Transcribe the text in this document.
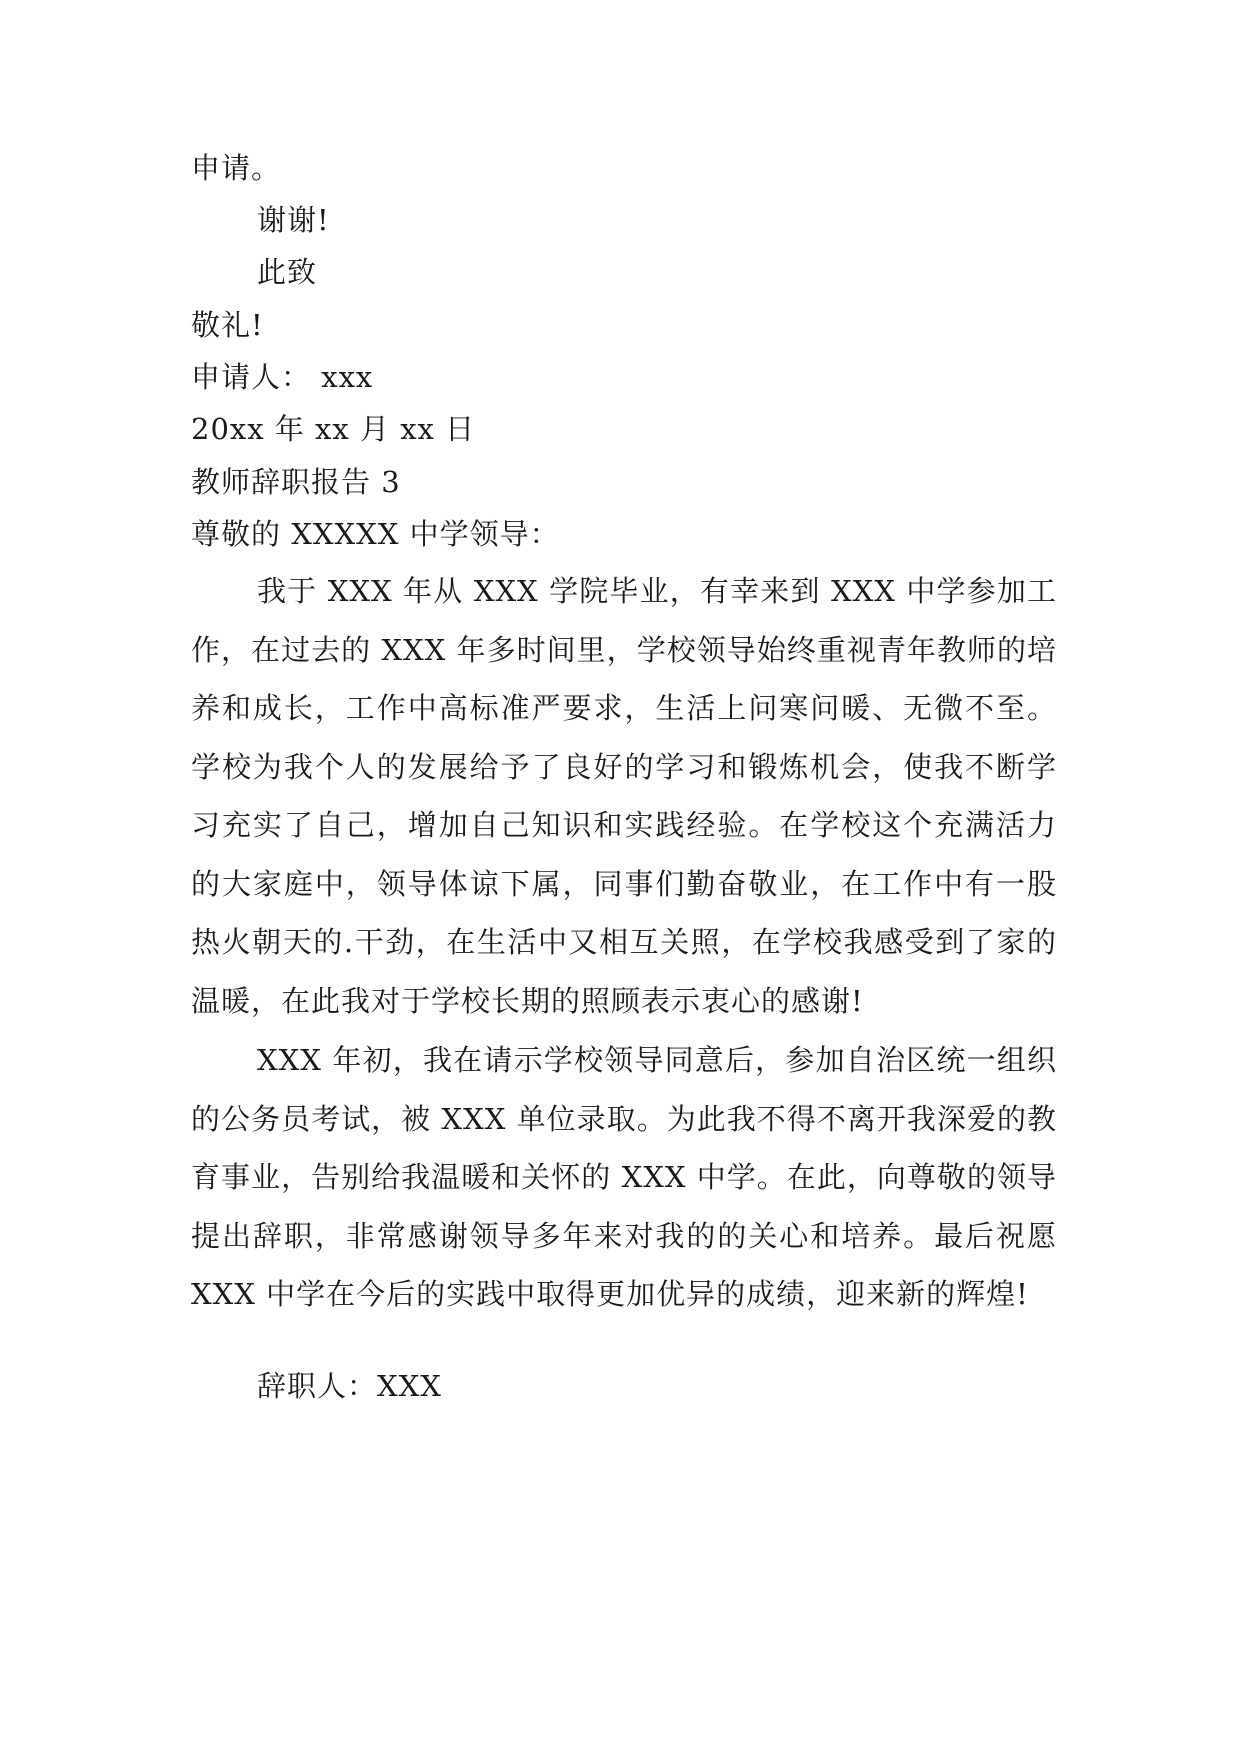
申请。
谢谢!
此致
敬礼!
申请人： xxx
20xx 年 xx 月 xx 日
教师辞职报告 3
尊敬的 XXXXX 中学领导：
我于 XXX 年从 XXX 学院毕业，有幸来到 XXX 中学参加工作，在过去的 XXX 年多时间里，学校领导始终重视青年教师的培养和成长，工作中高标准严要求，生活上问寒问暖、无微不至。学校为我个人的发展给予了良好的学习和锻炼机会，使我不断学习充实了自己，增加自己知识和实践经验。在学校这个充满活力的大家庭中，领导体谅下属，同事们勤奋敬业，在工作中有一股热火朝天的.干劲，在生活中又相互关照，在学校我感受到了家的温暖，在此我对于学校长期的照顾表示衷心的感谢!
XXX 年初，我在请示学校领导同意后，参加自治区统一组织的公务员考试，被 XXX 单位录取。为此我不得不离开我深爱的教育事业，告别给我温暖和关怀的 XXX 中学。在此，向尊敬的领导提出辞职，非常感谢领导多年来对我的的关心和培养。最后祝愿 XXX 中学在今后的实践中取得更加优异的成绩，迎来新的辉煌!
辞职人：XXX
